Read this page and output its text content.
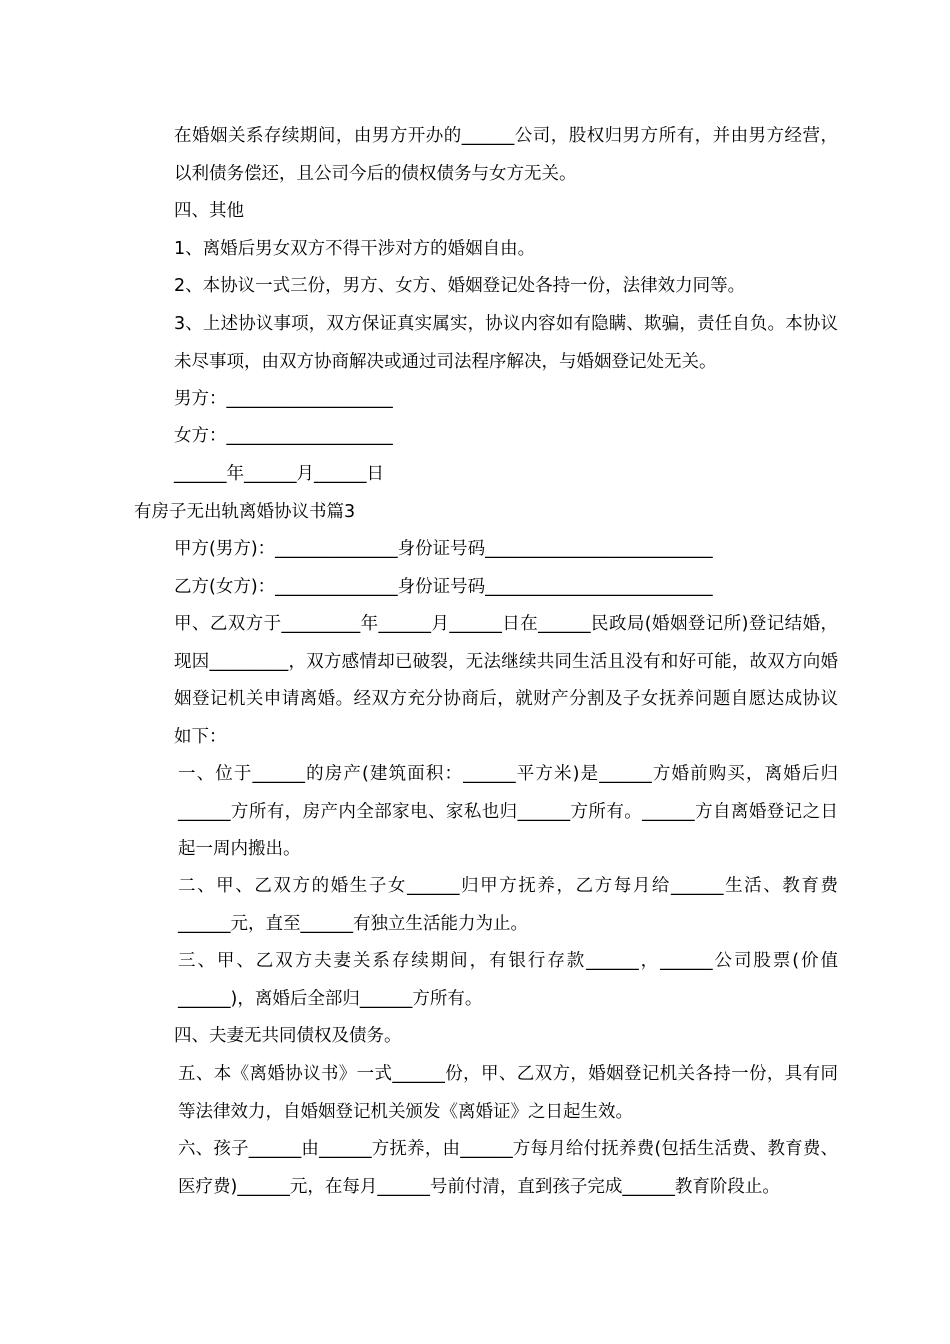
在婚姻关系存续期间，由男方开办的______公司，股权归男方所有，并由男方经营，以利债务偿还，且公司今后的债权债务与女方无关。
四、其他
1、离婚后男女双方不得干涉对方的婚姻自由。
2、本协议一式三份，男方、女方、婚姻登记处各持一份，法律效力同等。
3、上述协议事项，双方保证真实属实，协议内容如有隐瞒、欺骗，责任自负。本协议未尽事项，由双方协商解决或通过司法程序解决，与婚姻登记处无关。
男方：___________________
女方：___________________
______年______月______日
有房子无出轨离婚协议书篇3
甲方(男方)：______________身份证号码__________________________
乙方(女方)：______________身份证号码__________________________
甲、乙双方于_________年______月______日在______民政局(婚姻登记所)登记结婚，现因_________，双方感情却已破裂，无法继续共同生活且没有和好可能，故双方向婚姻登记机关申请离婚。经双方充分协商后，就财产分割及子女抚养问题自愿达成协议如下：
一、位于______的房产(建筑面积：______平方米)是______方婚前购买，离婚后归______方所有，房产内全部家电、家私也归______方所有。______方自离婚登记之日起一周内搬出。
二、甲、乙双方的婚生子女______归甲方抚养，乙方每月给______生活、教育费______元，直至______有独立生活能力为止。
三、甲、乙双方夫妻关系存续期间，有银行存款______，______公司股票(价值______)，离婚后全部归______方所有。
四、夫妻无共同债权及债务。
五、本《离婚协议书》一式______份，甲、乙双方，婚姻登记机关各持一份，具有同等法律效力，自婚姻登记机关颁发《离婚证》之日起生效。
六、孩子______由______方抚养，由______方每月给付抚养费(包括生活费、教育费、医疗费)______元，在每月______号前付清，直到孩子完成______教育阶段止。
